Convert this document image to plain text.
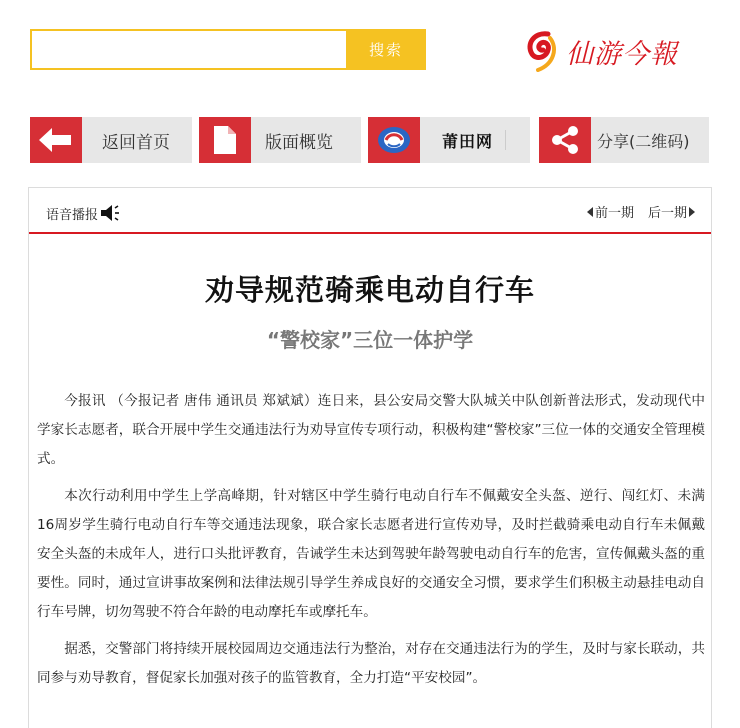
搜索	仙游今報
返回首页	版面概览	莆田网	分享(二维码)
语音播报	前一期 后一期
劝导规范骑乘电动自行车
“警校家”三位一体护学

今报讯 （今报记者 唐伟 通讯员 郑斌斌）连日来，县公安局交警大队城关中队创新普法形式，发动现代中学家长志愿者，联合开展中学生交通违法行为劝导宣传专项行动，积极构建“警校家”三位一体的交通安全管理模式。

本次行动利用中学生上学高峰期，针对辖区中学生骑行电动自行车不佩戴安全头盔、逆行、闯红灯、未满16周岁学生骑行电动自行车等交通违法现象，联合家长志愿者进行宣传劝导，及时拦截骑乘电动自行车未佩戴安全头盔的未成年人，进行口头批评教育，告诫学生未达到驾驶年龄驾驶电动自行车的危害，宣传佩戴头盔的重要性。同时，通过宣讲事故案例和法律法规引导学生养成良好的交通安全习惯，要求学生们积极主动悬挂电动自行车号牌，切勿驾驶不符合年龄的电动摩托车或摩托车。

据悉，交警部门将持续开展校园周边交通违法行为整治，对存在交通违法行为的学生，及时与家长联动，共同参与劝导教育，督促家长加强对孩子的监管教育，全力打造“平安校园”。
